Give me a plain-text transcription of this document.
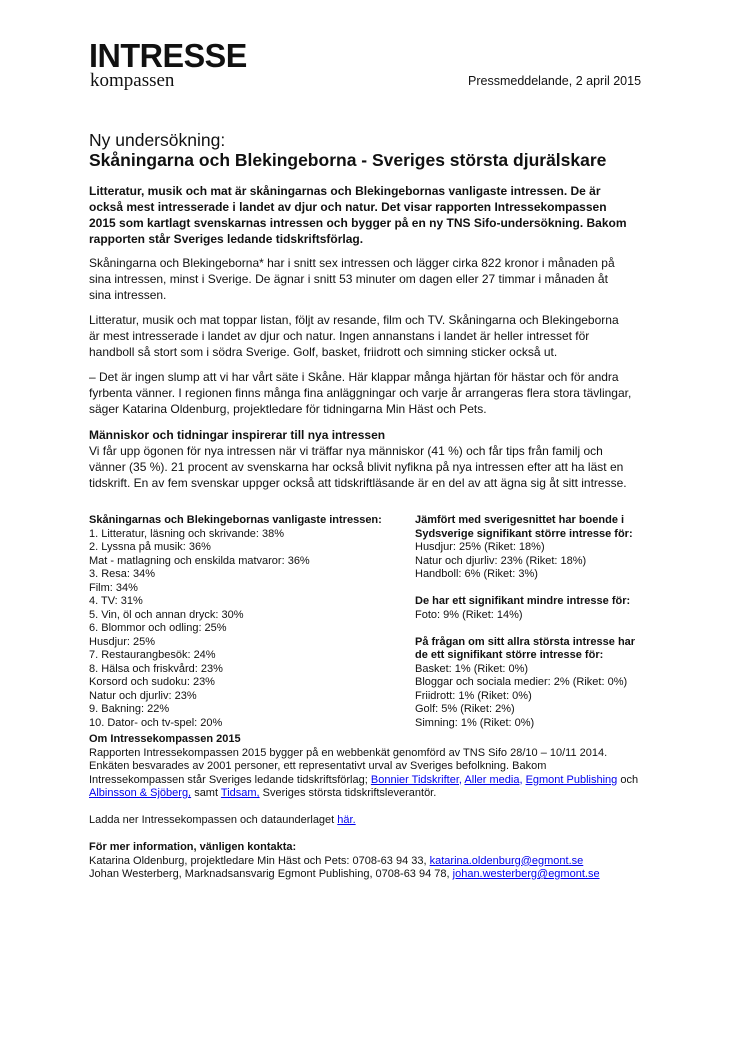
INTRESSE
kompassen	Pressmeddelande, 2 april 2015
Ny undersökning:
Skåningarna och Blekingeborna - Sveriges största djurälskare

Litteratur, musik och mat är skåningarnas och Blekingebornas vanligaste intressen. De är

också mest intresserade i landet av djur och natur. Det visar rapporten Intressekompassen

2015 som kartlagt svenskarnas intressen och bygger på en ny TNS Sifo-undersökning. Bakom

rapporten står Sveriges ledande tidskriftsförlag.

Skåningarna och Blekingeborna* har i snitt sex intressen och lägger cirka 822 kronor i månaden på

sina intressen, minst i Sverige. De ägnar i snitt 53 minuter om dagen eller 27 timmar i månaden åt

sina intressen.

Litteratur, musik och mat toppar listan, följt av resande, film och TV. Skåningarna och Blekingeborna

är mest intresserade i landet av djur och natur. Ingen annanstans i landet är heller intresset för

handboll så stort som i södra Sverige. Golf, basket, friidrott och simning sticker också ut.

– Det är ingen slump att vi har vårt säte i Skåne. Här klappar många hjärtan för hästar och för andra

fyrbenta vänner. I regionen finns många fina anläggningar och varje år arrangeras flera stora tävlingar,

säger Katarina Oldenburg, projektledare för tidningarna Min Häst och Pets.

Människor och tidningar inspirerar till nya intressen

Vi får upp ögonen för nya intressen när vi träffar nya människor (41 %) och får tips från familj och

vänner (35 %). 21 procent av svenskarna har också blivit nyfikna på nya intressen efter att ha läst en

tidskrift. En av fem svenskar uppger också att tidskriftläsande är en del av att ägna sig åt sitt intresse.

Skåningarnas och Blekingebornas vanligaste intressen:
1. Litteratur, läsning och skrivande: 38%
2. Lyssna på musik: 36%
Mat - matlagning och enskilda matvaror: 36%
3. Resa: 34%
Film: 34%
4. TV: 31%
5. Vin, öl och annan dryck: 30%
6. Blommor och odling: 25%
Husdjur: 25%
7. Restaurangbesök: 24%
8. Hälsa och friskvård: 23%
Korsord och sudoku: 23%
Natur och djurliv: 23%
9. Bakning: 22%
10. Dator- och tv-spel: 20%
Jämfört med sverigesnittet har boende i
Sydsverige signifikant större intresse för:
Husdjur: 25% (Riket: 18%)
Natur och djurliv: 23% (Riket: 18%)
Handboll: 6% (Riket: 3%)
De har ett signifikant mindre intresse för:
Foto: 9% (Riket: 14%)
På frågan om sitt allra största intresse har
de ett signifikant större intresse för:
Basket: 1% (Riket: 0%)
Bloggar och sociala medier: 2% (Riket: 0%)
Friidrott: 1% (Riket: 0%)
Golf: 5% (Riket: 2%)
Simning: 1% (Riket: 0%)
Om Intressekompassen 2015
Rapporten Intressekompassen 2015 bygger på en webbenkät genomförd av TNS Sifo 28/10 – 10/11 2014.
Enkäten besvarades av 2001 personer, ett representativt urval av Sveriges befolkning. Bakom
Intressekompassen står Sveriges ledande tidskriftsförlag; Bonnier Tidskrifter, Aller media, Egmont Publishing och
Albinsson & Sjöberg, samt Tidsam, Sveriges största tidskriftsleverantör.
Ladda ner Intressekompassen och dataunderlaget här.
För mer information, vänligen kontakta:
Katarina Oldenburg, projektledare Min Häst och Pets: 0708-63 94 33, katarina.oldenburg@egmont.se
Johan Westerberg, Marknadsansvarig Egmont Publishing, 0708-63 94 78, johan.westerberg@egmont.se
